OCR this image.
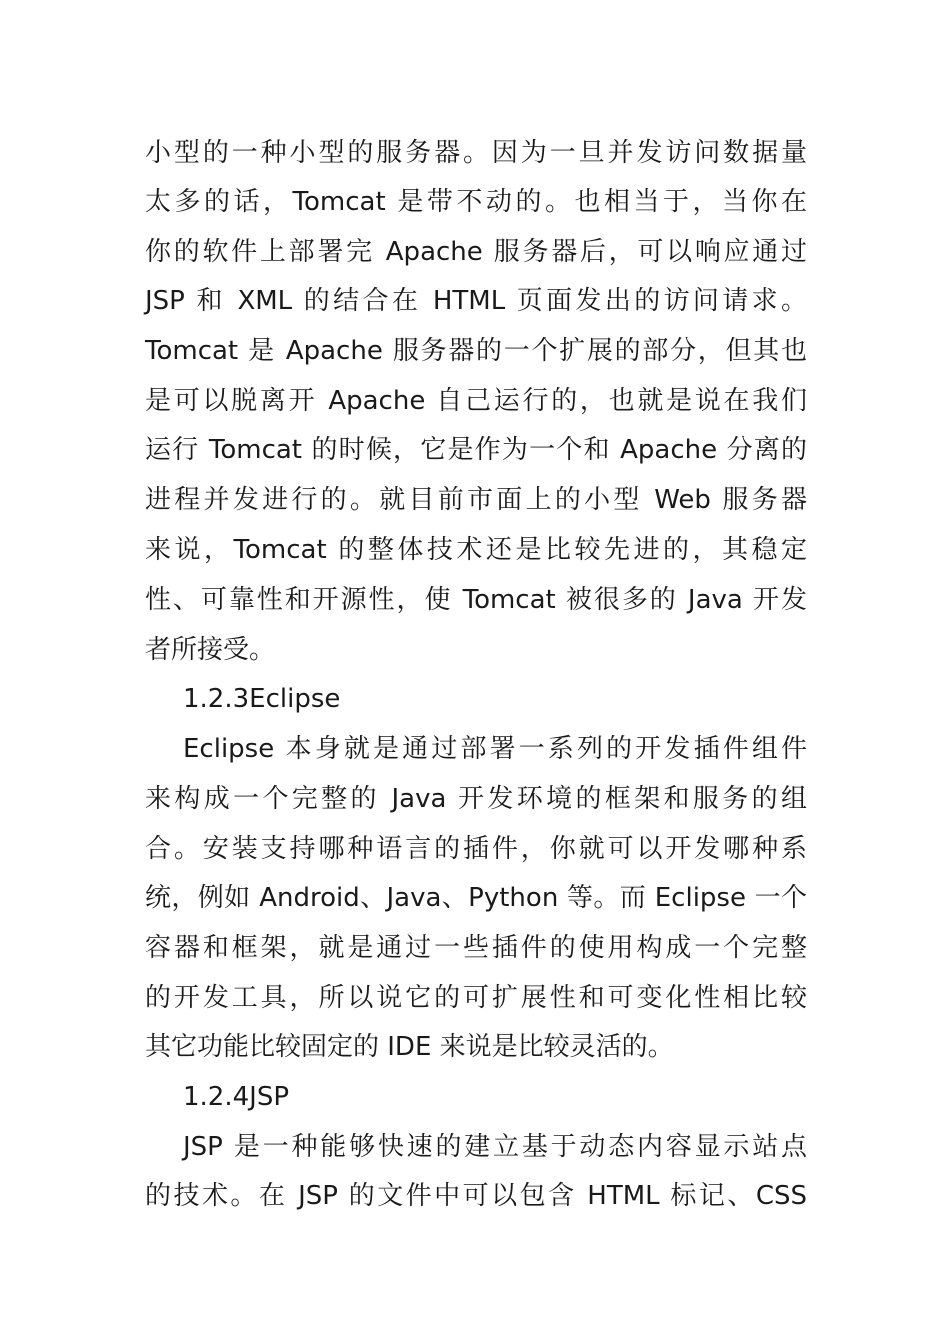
小型的一种小型的服务器。因为一旦并发访问数据量
太多的话，Tomcat 是带不动的。也相当于，当你在
你的软件上部署完 Apache 服务器后，可以响应通过
JSP 和 XML 的结合在 HTML 页面发出的访问请求。
Tomcat 是 Apache 服务器的一个扩展的部分，但其也
是可以脱离开 Apache 自己运行的，也就是说在我们
运行 Tomcat 的时候，它是作为一个和 Apache 分离的
进程并发进行的。就目前市面上的小型 Web 服务器
来说，Tomcat 的整体技术还是比较先进的，其稳定
性、可靠性和开源性，使 Tomcat 被很多的 Java 开发
者所接受。
1.2.3Eclipse
Eclipse 本身就是通过部署一系列的开发插件组件
来构成一个完整的 Java 开发环境的框架和服务的组
合。安装支持哪种语言的插件，你就可以开发哪种系
统，例如 Android、Java、Python 等。而 Eclipse 一个
容器和框架，就是通过一些插件的使用构成一个完整
的开发工具，所以说它的可扩展性和可变化性相比较
其它功能比较固定的 IDE 来说是比较灵活的。
1.2.4JSP
JSP 是一种能够快速的建立基于动态内容显示站点
的技术。在 JSP 的文件中可以包含 HTML 标记、CSS
